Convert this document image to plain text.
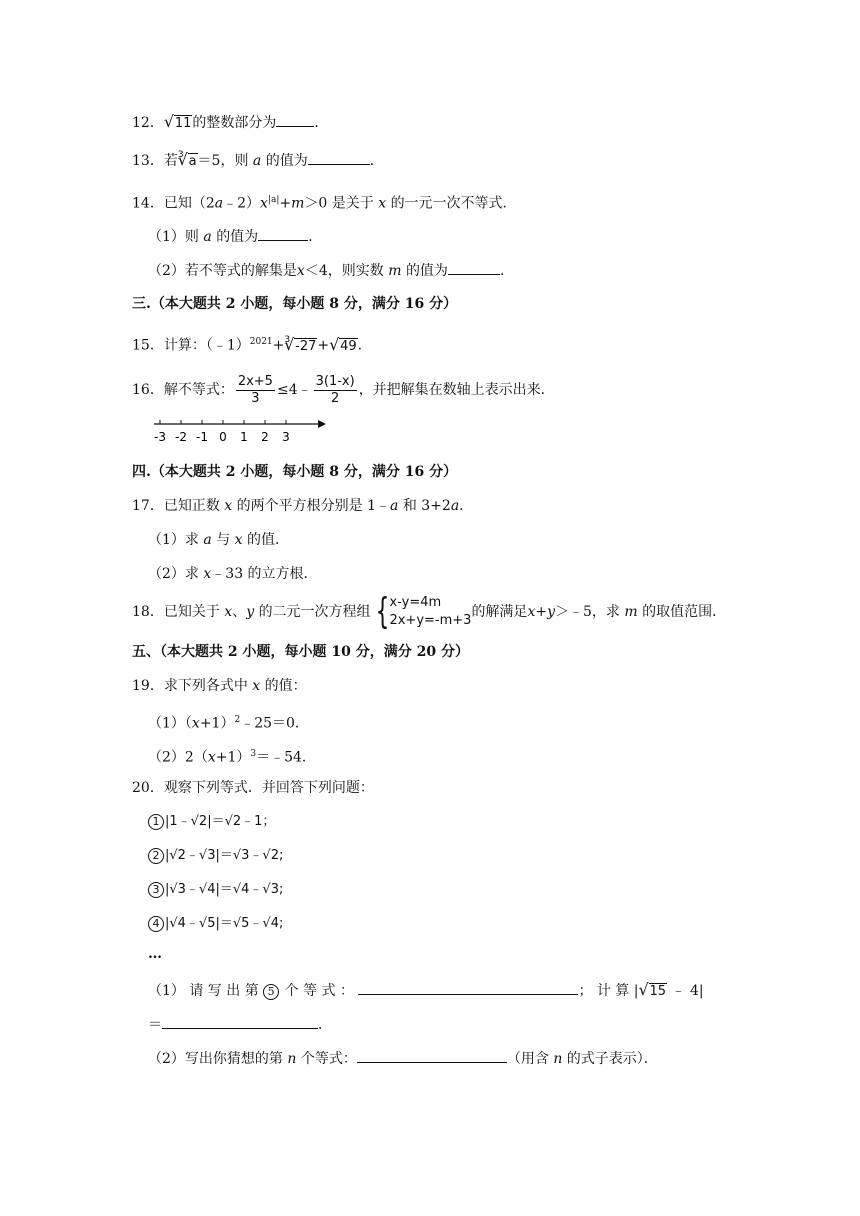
12． √ 11的整数部分为	．
13．若$^3$ √ a＝5，则 a 的值为	．
14．已知$(2a﹣2)x^{|a|}+m>0$ 是关于 x 的一元一次不等式．
（1）则 a 的值为	．
（2）若不等式的解集是x＜4，则实数 m 的值为	．
三.（本大题共 2 小题，每小题 8 分，满分 16 分）
15．计算：（﹣1）$^{2021}$+$^3$ √ -27+ √ 49.
16．解不等式： $\frac{2x+5}{3}$ ≤4﹣ $\frac{3(1-x)}{2}$ ，并把解集在数轴上表示出来．
-3 -2 -1 0 1 2 3
四.（本大题共 2 小题，每小题 8 分，满分 16 分）
17．已知正数 x 的两个平方根分别是 1﹣a 和 3+2a．
（1）求 a 与 x 的值．
（2）求 x﹣33 的立方根．
18．已知关于 x、y 的二元一次方程组 { x-y=4m
2x+y=-m+3
的解满足x+y＞﹣5，求 m 的取值范围．
五、（本大题共 2 小题，每小题 10 分，满分 20 分）
19．求下列各式中 x 的值：
$(1)(x+1)^2﹣25=0$．
$(2)2(x+1)^3=﹣54$．
20．观察下列等式．并回答下列问题：
1 |1﹣√2|＝√2﹣1；
2 |√2﹣√3|＝√3﹣√2;
3 |√3﹣√4|＝√4﹣√3;
4 |√4﹣√5|＝√5﹣√4;
…
（1） 请 写 出 第 5 个 等 式 ：	； 计 算 | √ 15 ﹣ 4|
＝	．
（2）写出你猜想的第 n 个等式：	（用含 n 的式子表示）．
